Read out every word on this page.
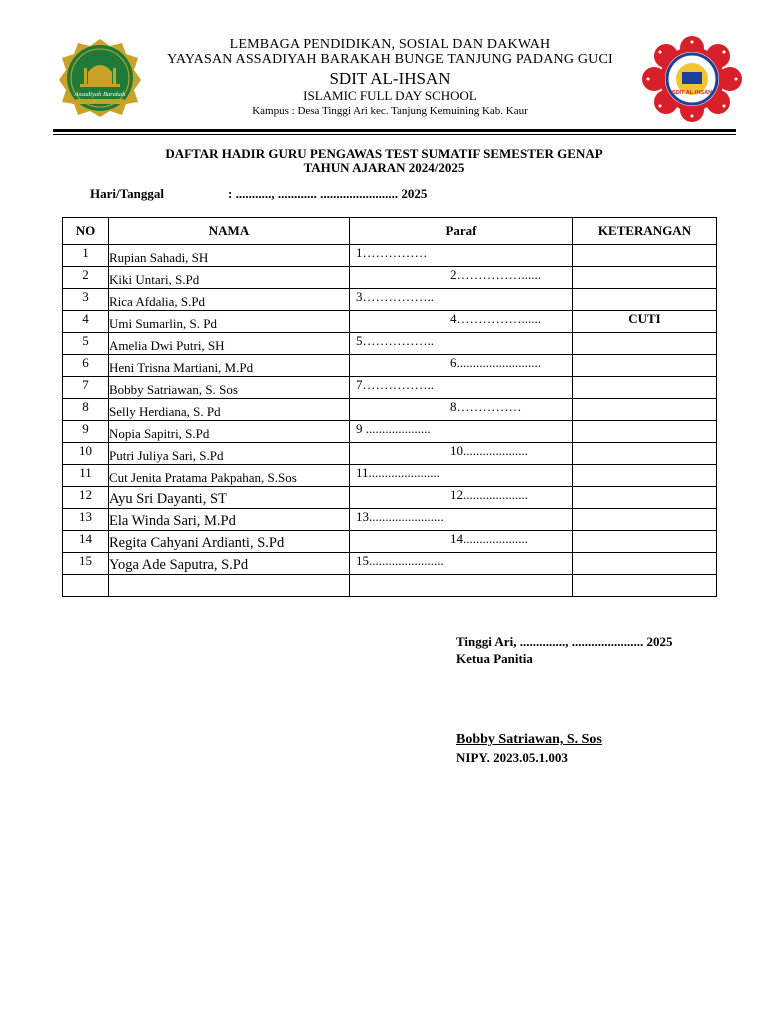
Assadiyah Barakah	SDIT AL-IHSAN
LEMBAGA PENDIDIKAN, SOSIAL DAN DAKWAH
YAYASAN ASSADIYAH BARAKAH BUNGE TANJUNG PADANG GUCI
SDIT AL-IHSAN
ISLAMIC FULL DAY SCHOOL
Kampus : Desa Tinggi Ari kec. Tanjung Kemuining Kab. Kaur
DAFTAR HADIR GURU PENGAWAS TEST SUMATIF SEMESTER GENAP
TAHUN AJARAN 2024/2025
Hari/Tanggal	: ..........., ............ ........................ 2025
NO	NAMA	Paraf	KETERANGAN
1	Rupian Sahadi, SH	1……………	
2	Kiki Untari, S.Pd	2……………......	
3	Rica Afdalia, S.Pd	3……………..	
4	Umi Sumarlin, S. Pd	4……………......	CUTI
5	Amelia Dwi Putri, SH	5……………..	
6	Heni Trisna Martiani, M.Pd	6..........................	
7	Bobby Satriawan, S. Sos	7……………..	
8	Selly Herdiana, S. Pd	8……………	
9	Nopia Sapitri, S.Pd	9 ....................	
10	Putri Juliya Sari, S.Pd	10....................	
11	Cut Jenita Pratama Pakpahan, S.Sos	11......................	
12	Ayu Sri Dayanti, ST	12....................	
13	Ela Winda Sari, M.Pd	13.......................	
14	Regita Cahyani Ardianti, S.Pd	14....................	
15	Yoga Ade Saputra, S.Pd	15.......................	

Tinggi Ari, .............., ...................... 2025
Ketua Panitia
Bobby Satriawan, S. Sos
NIPY. 2023.05.1.003
